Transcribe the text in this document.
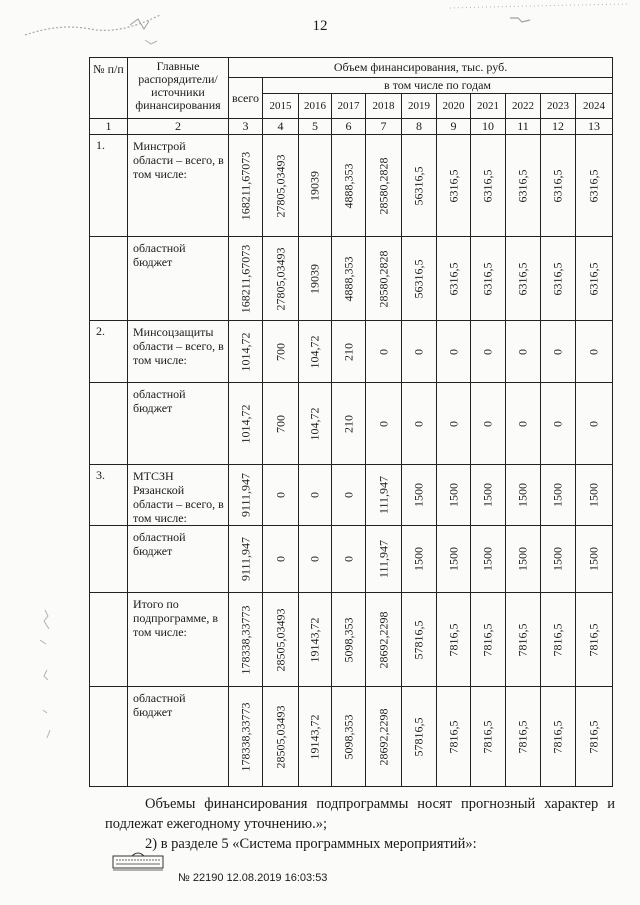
12
№ п/п	Главные распорядители/ источники финансирования	Объем финансирования, тыс. руб.										
		всего	в том числе по годам									
			2015	2016	2017	2018	2019	2020	2021	2022	2023	2024
1	2	3	4	5	6	7	8	9	10	11	12	13
1.	Минстрой области – всего, в том числе:	168211,67073	27805,03493	19039	4888,353	28580,2828	56316,5	6316,5	6316,5	6316,5	6316,5	6316,5

	областной бюджет	168211,67073	27805,03493	19039	4888,353	28580,2828	56316,5	6316,5	6316,5	6316,5	6316,5	6316,5

2.	Минсоцзащиты области – всего, в том числе:	1014,72	700	104,72	210	0	0	0	0	0	0	0

	областной бюджет	1014,72	700	104,72	210	0	0	0	0	0	0	0

3.	МТСЗН Рязанской области – всего, в том числе:	9111,947	0	0	0	111,947	1500	1500	1500	1500	1500	1500

	областной бюджет	9111,947	0	0	0	111,947	1500	1500	1500	1500	1500	1500

	Итого по подпрограмме, в том числе:	178338,33773	28505,03493	19143,72	5098,353	28692,2298	57816,5	7816,5	7816,5	7816,5	7816,5	7816,5

	областной бюджет	178338,33773	28505,03493	19143,72	5098,353	28692,2298	57816,5	7816,5	7816,5	7816,5	7816,5	7816,5
Объемы финансирования подпрограммы носят прогнозный характер и подлежат ежегодному уточнению.»;
2) в разделе 5 «Система программных мероприятий»:
№ 22190 12.08.2019 16:03:53
